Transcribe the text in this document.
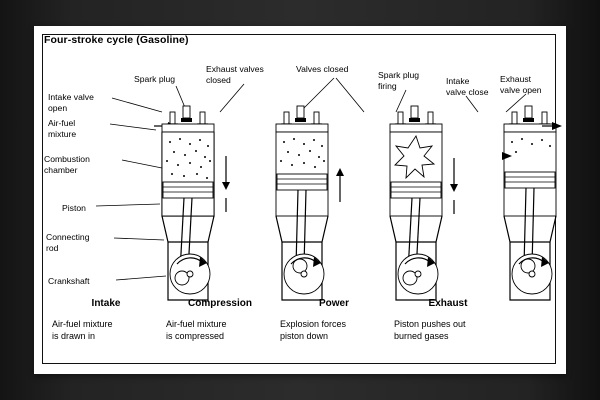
Four-stroke cycle (Gasoline)
Intake valve
open
Air-fuel
mixture
Combustion
chamber
Piston
Connecting
rod
Crankshaft
Spark plug
Exhaust valves
closed
Valves closed
Spark plug
firing	Intake
valve close
Exhaust
valve open

Intake	Compression	Power	Exhaust
Air-fuel mixture
is drawn in
Air-fuel mixture
is compressed
Explosion forces
piston down
Piston pushes out
burned gases
